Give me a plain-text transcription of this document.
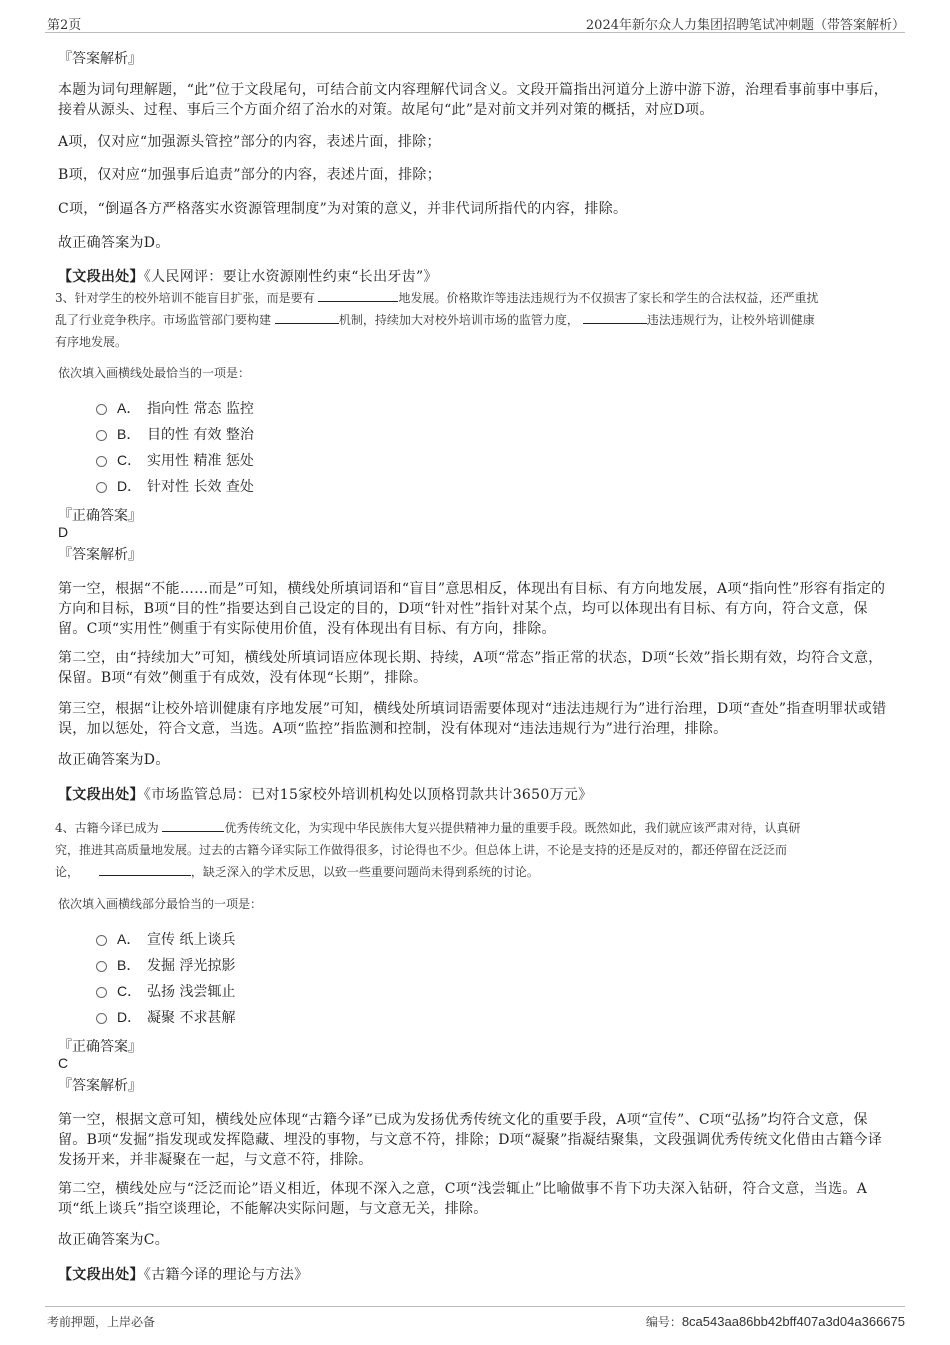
第2页	2024年新尔众人力集团招聘笔试冲刺题（带答案解析）
『答案解析』
本题为词句理解题，“此”位于文段尾句，可结合前文内容理解代词含义。文段开篇指出河道分上游中游下游，治理看事前事中事后，接着从源头、过程、事后三个方面介绍了治水的对策。故尾句“此”是对前文并列对策的概括，对应D项。
A项，仅对应“加强源头管控”部分的内容，表述片面，排除；
B项，仅对应“加强事后追责”部分的内容，表述片面，排除；
C项，“倒逼各方严格落实水资源管理制度”为对策的意义，并非代词所指代的内容，排除。
故正确答案为D。
【文段出处】《人民网评：要让水资源刚性约束“长出牙齿”》
3、针对学生的校外培训不能盲目扩张，而是要有	地发展。价格欺诈等违法违规行为不仅损害了家长和学生的合法权益，还严重扰
乱了行业竞争秩序。市场监管部门要构建	机制，持续加大对校外培训市场的监管力度，	违法违规行为，让校外培训健康
有序地发展。
依次填入画横线处最恰当的一项是：
A． 指向性 常态 监控
B． 目的性 有效 整治
C． 实用性 精准 惩处
D． 针对性 长效 查处
『正确答案』
D
『答案解析』
第一空，根据“不能……而是”可知，横线处所填词语和“盲目”意思相反，体现出有目标、有方向地发展，A项“指向性”形容有指定的方向和目标，B项“目的性”指要达到自己设定的目的，D项“针对性”指针对某个点，均可以体现出有目标、有方向，符合文意，保留。C项“实用性”侧重于有实际使用价值，没有体现出有目标、有方向，排除。
第二空，由“持续加大”可知，横线处所填词语应体现长期、持续，A项“常态”指正常的状态，D项“长效”指长期有效，均符合文意，保留。B项“有效”侧重于有成效，没有体现“长期”，排除。
第三空，根据“让校外培训健康有序地发展”可知，横线处所填词语需要体现对“违法违规行为”进行治理，D项“查处”指查明罪状或错误，加以惩处，符合文意，当选。A项“监控”指监测和控制，没有体现对“违法违规行为”进行治理，排除。
故正确答案为D。
【文段出处】《市场监管总局：已对15家校外培训机构处以顶格罚款共计3650万元》
4、古籍今译已成为	优秀传统文化，为实现中华民族伟大复兴提供精神力量的重要手段。既然如此，我们就应该严肃对待，认真研
究，推进其高质量地发展。过去的古籍今译实际工作做得很多，讨论得也不少。但总体上讲，不论是支持的还是反对的，都还停留在泛泛而
论，	，缺乏深入的学术反思，以致一些重要问题尚未得到系统的讨论。
依次填入画横线部分最恰当的一项是：
A． 宣传 纸上谈兵
B． 发掘 浮光掠影
C． 弘扬 浅尝辄止
D． 凝聚 不求甚解
『正确答案』
C
『答案解析』
第一空，根据文意可知，横线处应体现“古籍今译”已成为发扬优秀传统文化的重要手段，A项“宣传”、C项“弘扬”均符合文意，保留。B项“发掘”指发现或发挥隐藏、埋没的事物，与文意不符，排除；D项“凝聚”指凝结聚集，文段强调优秀传统文化借由古籍今译发扬开来，并非凝聚在一起，与文意不符，排除。
第二空，横线处应与“泛泛而论”语义相近，体现不深入之意，C项“浅尝辄止”比喻做事不肯下功夫深入钻研，符合文意，当选。A项“纸上谈兵”指空谈理论，不能解决实际问题，与文意无关，排除。
故正确答案为C。
【文段出处】《古籍今译的理论与方法》
考前押题，上岸必备	编号：8ca543aa86bb42bff407a3d04a366675
